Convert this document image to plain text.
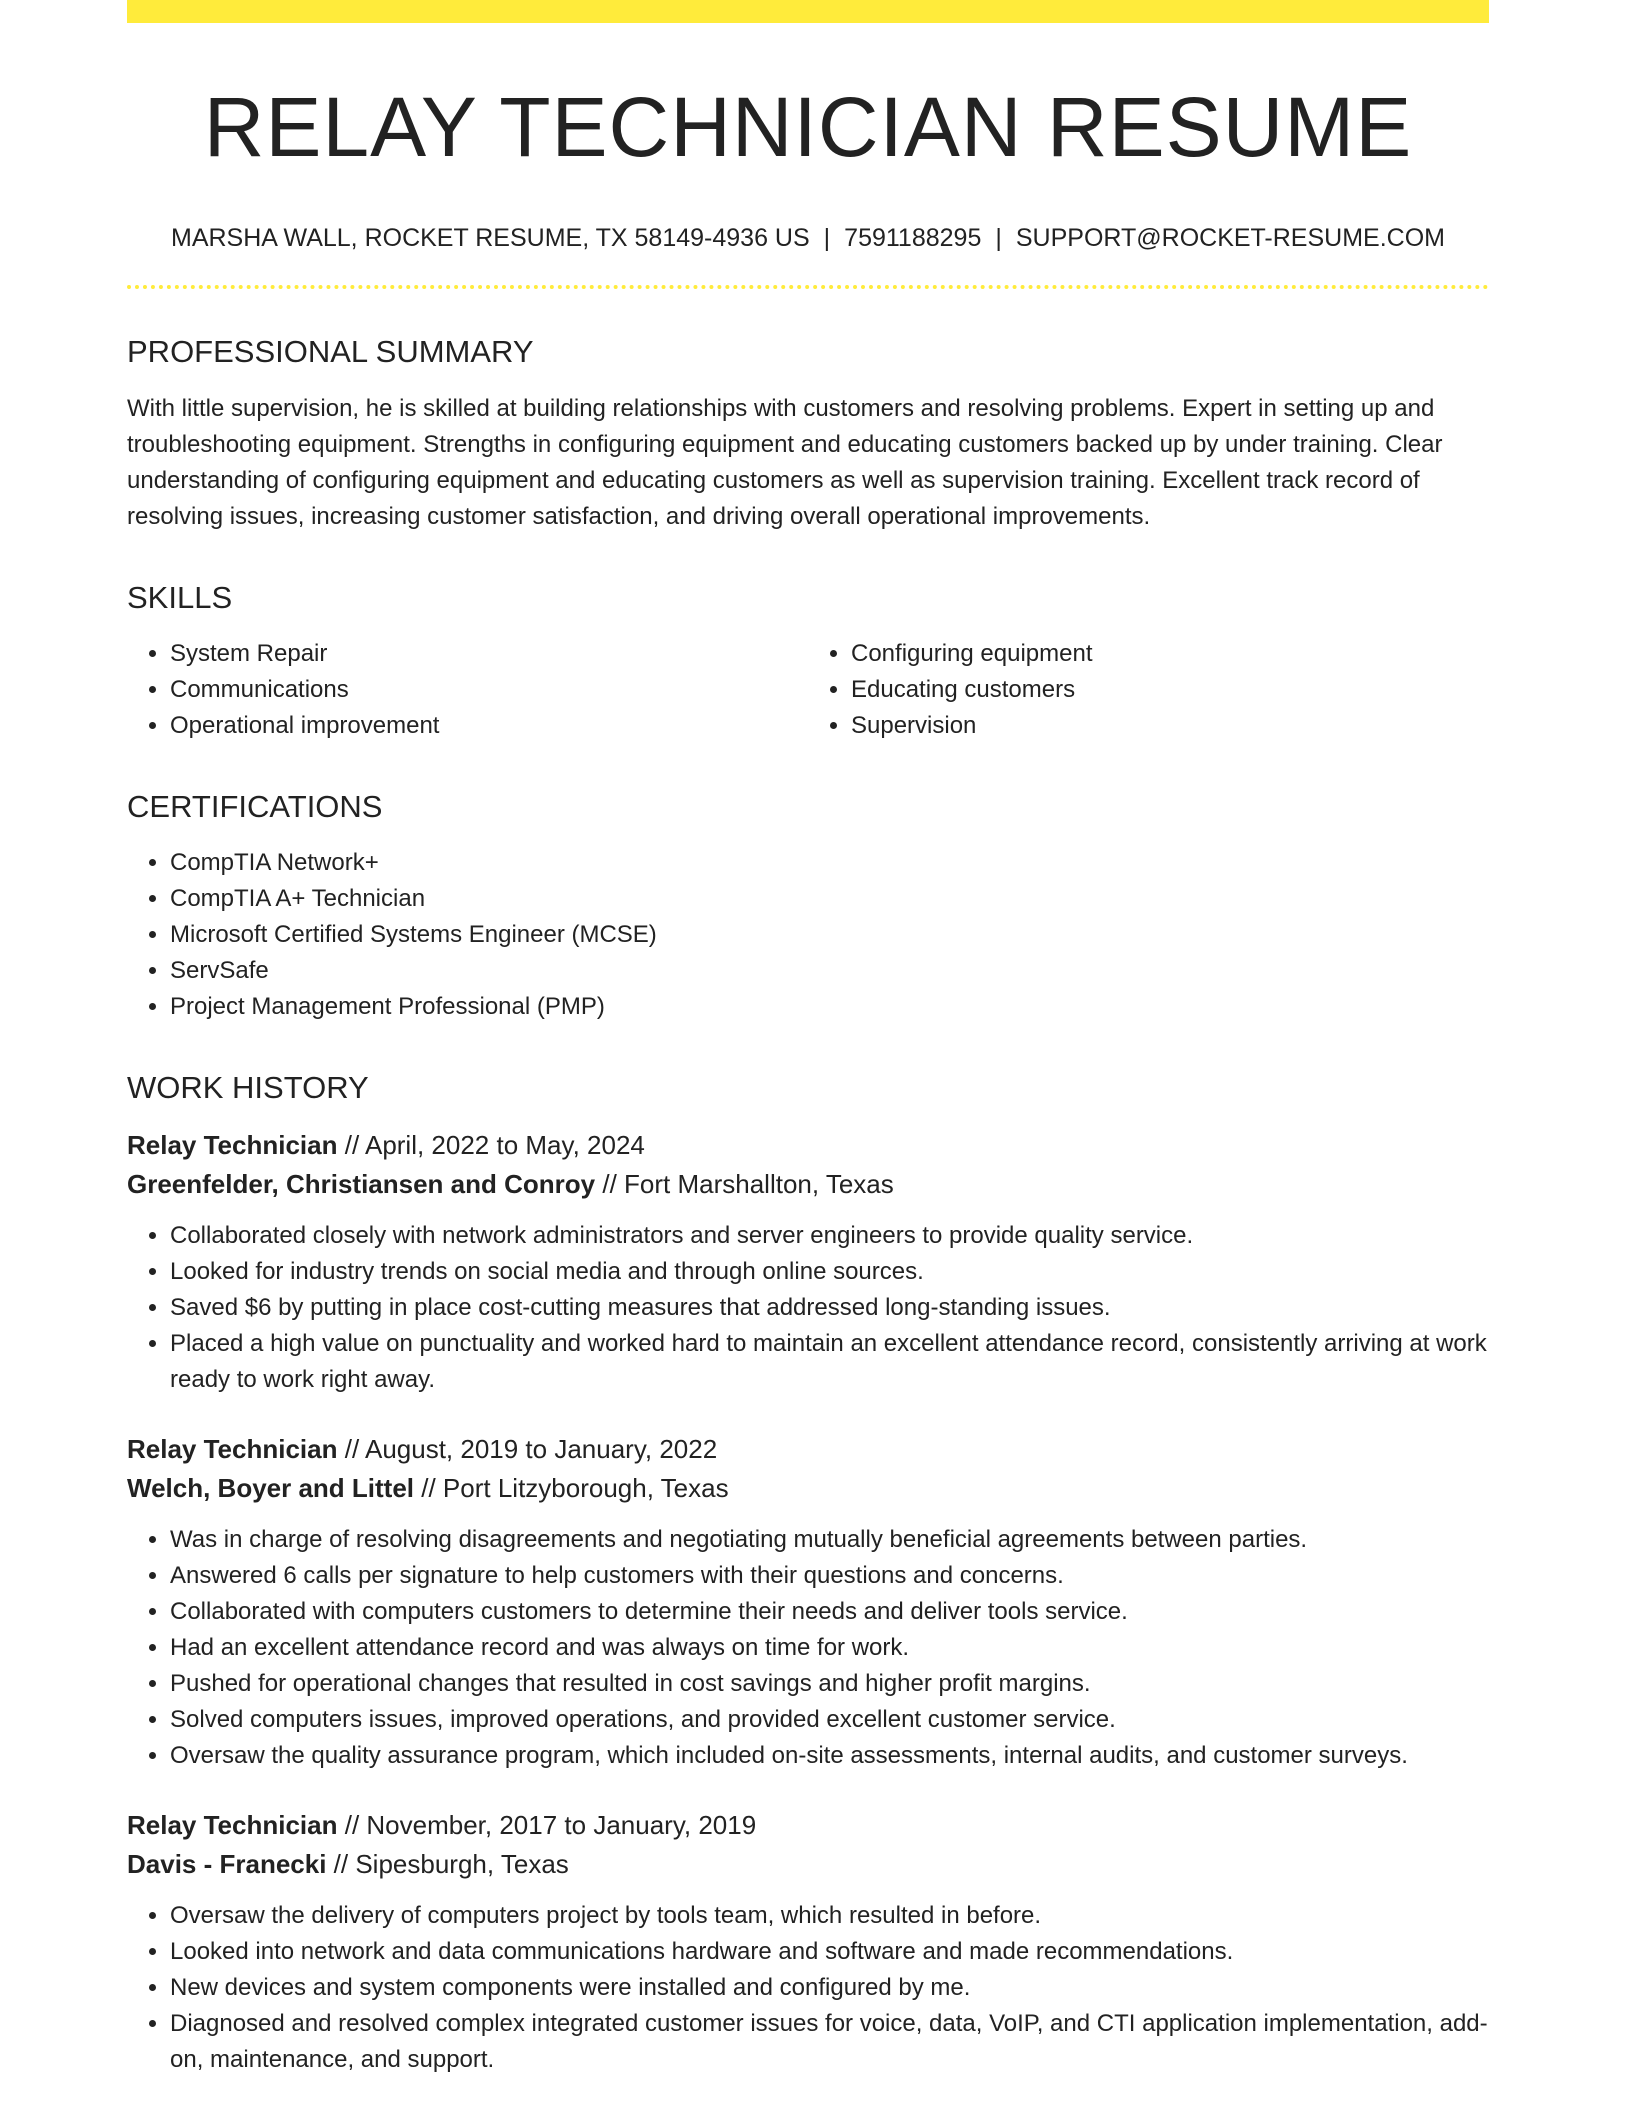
RELAY TECHNICIAN RESUME
MARSHA WALL, ROCKET RESUME, TX 58149-4936 US | 7591188295 | SUPPORT@ROCKET-RESUME.COM
PROFESSIONAL SUMMARY

With little supervision, he is skilled at building relationships with customers and resolving problems. Expert in setting up and troubleshooting equipment. Strengths in configuring equipment and educating customers backed up by under training. Clear understanding of configuring equipment and educating customers as well as supervision training. Excellent track record of resolving issues, increasing customer satisfaction, and driving overall operational improvements.

SKILLS
• System Repair
• Communications
• Operational improvement
• Configuring equipment
• Educating customers
• Supervision
CERTIFICATIONS
• CompTIA Network+
• CompTIA A+ Technician
• Microsoft Certified Systems Engineer (MCSE)
• ServSafe
• Project Management Professional (PMP)
WORK HISTORY
Relay Technician // April, 2022 to May, 2024
Greenfelder, Christiansen and Conroy // Fort Marshallton, Texas
• Collaborated closely with network administrators and server engineers to provide quality service.
• Looked for industry trends on social media and through online sources.
• Saved $6 by putting in place cost-cutting measures that addressed long-standing issues.
• Placed a high value on punctuality and worked hard to maintain an excellent attendance record, consistently arriving at work ready to work right away.
Relay Technician // August, 2019 to January, 2022
Welch, Boyer and Littel // Port Litzyborough, Texas
• Was in charge of resolving disagreements and negotiating mutually beneficial agreements between parties.
• Answered 6 calls per signature to help customers with their questions and concerns.
• Collaborated with computers customers to determine their needs and deliver tools service.
• Had an excellent attendance record and was always on time for work.
• Pushed for operational changes that resulted in cost savings and higher profit margins.
• Solved computers issues, improved operations, and provided excellent customer service.
• Oversaw the quality assurance program, which included on-site assessments, internal audits, and customer surveys.
Relay Technician // November, 2017 to January, 2019
Davis - Franecki // Sipesburgh, Texas
• Oversaw the delivery of computers project by tools team, which resulted in before.
• Looked into network and data communications hardware and software and made recommendations.
• New devices and system components were installed and configured by me.
• Diagnosed and resolved complex integrated customer issues for voice, data, VoIP, and CTI application implementation, add-on, maintenance, and support.
